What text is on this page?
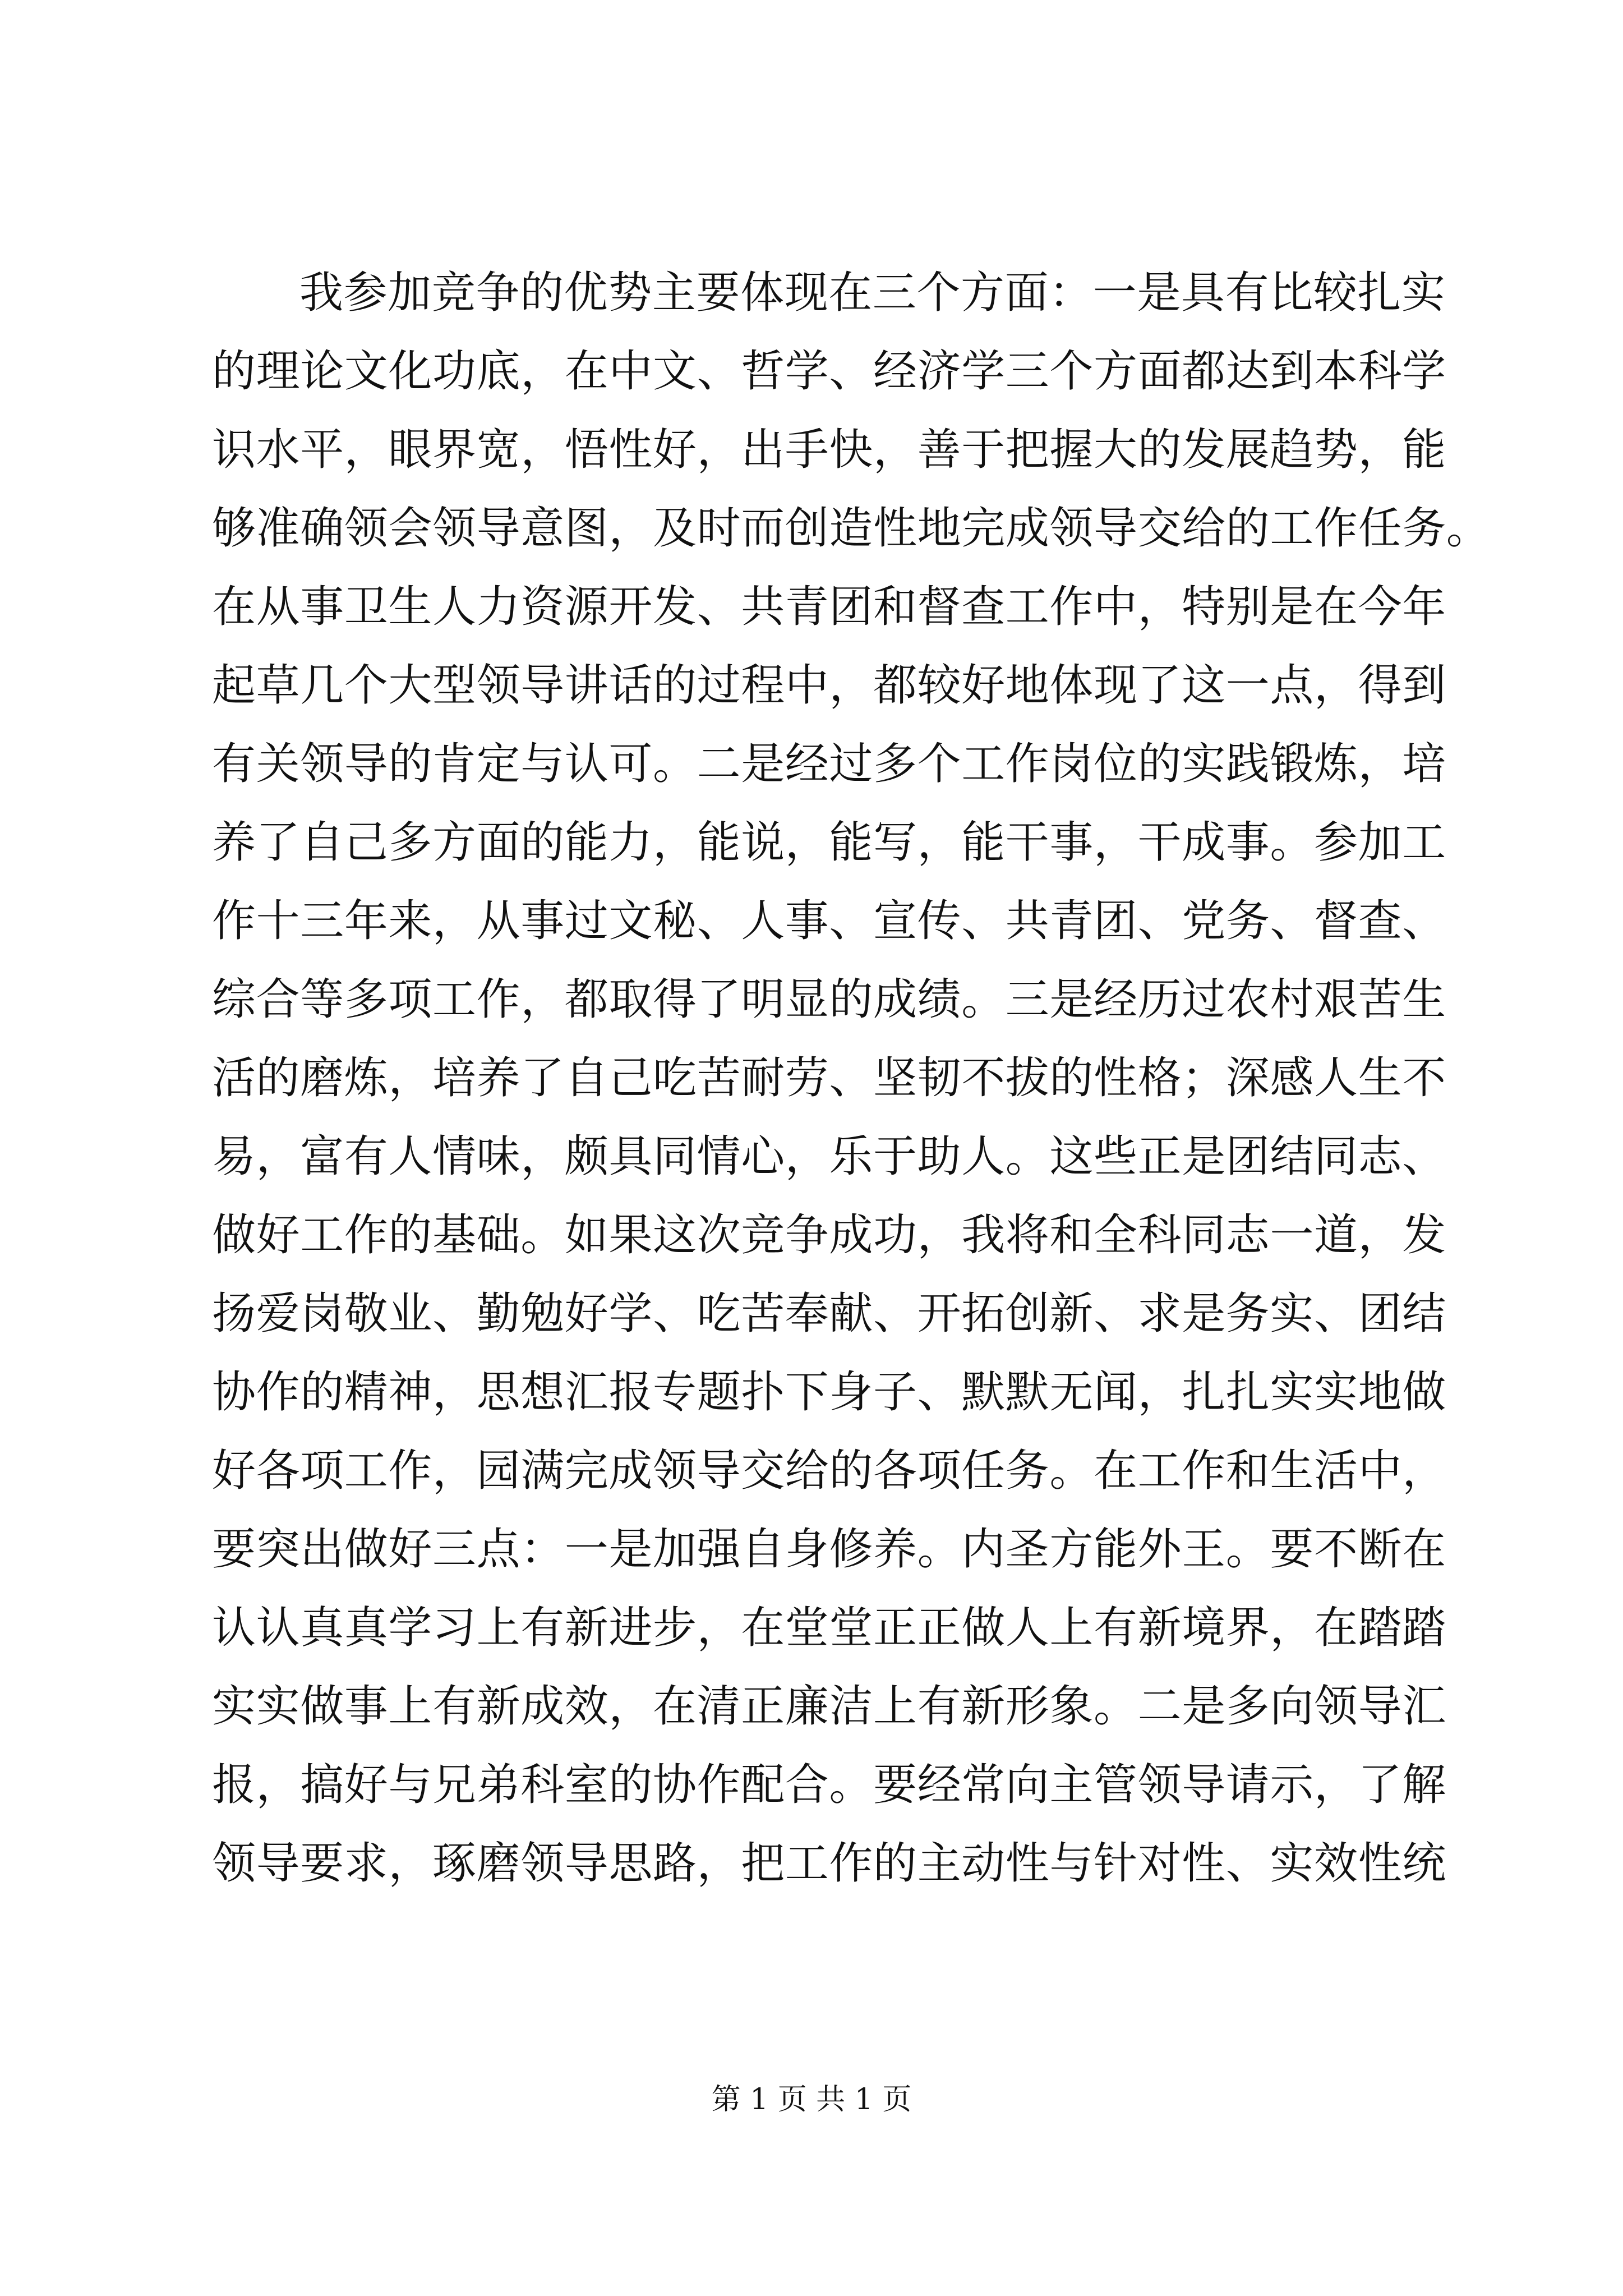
我参加竞争的优势主要体现在三个方面：一是具有比较扎实
的理论文化功底，在中文、哲学、经济学三个方面都达到本科学
识水平，眼界宽，悟性好，出手快，善于把握大的发展趋势，能
够准确领会领导意图，及时而创造性地完成领导交给的工作任务。
在从事卫生人力资源开发、共青团和督查工作中，特别是在今年
起草几个大型领导讲话的过程中，都较好地体现了这一点，得到
有关领导的肯定与认可。二是经过多个工作岗位的实践锻炼，培
养了自己多方面的能力，能说，能写，能干事，干成事。参加工
作十三年来，从事过文秘、人事、宣传、共青团、党务、督查、
综合等多项工作，都取得了明显的成绩。三是经历过农村艰苦生
活的磨炼，培养了自己吃苦耐劳、坚韧不拔的性格；深感人生不
易，富有人情味，颇具同情心，乐于助人。这些正是团结同志、
做好工作的基础。如果这次竞争成功，我将和全科同志一道，发
扬爱岗敬业、勤勉好学、吃苦奉献、开拓创新、求是务实、团结
协作的精神，思想汇报专题扑下身子、默默无闻，扎扎实实地做
好各项工作，园满完成领导交给的各项任务。在工作和生活中，
要突出做好三点：一是加强自身修养。内圣方能外王。要不断在
认认真真学习上有新进步，在堂堂正正做人上有新境界，在踏踏
实实做事上有新成效，在清正廉洁上有新形象。二是多向领导汇
报，搞好与兄弟科室的协作配合。要经常向主管领导请示，了解
领导要求，琢磨领导思路，把工作的主动性与针对性、实效性统
第 1 页 共 1 页
